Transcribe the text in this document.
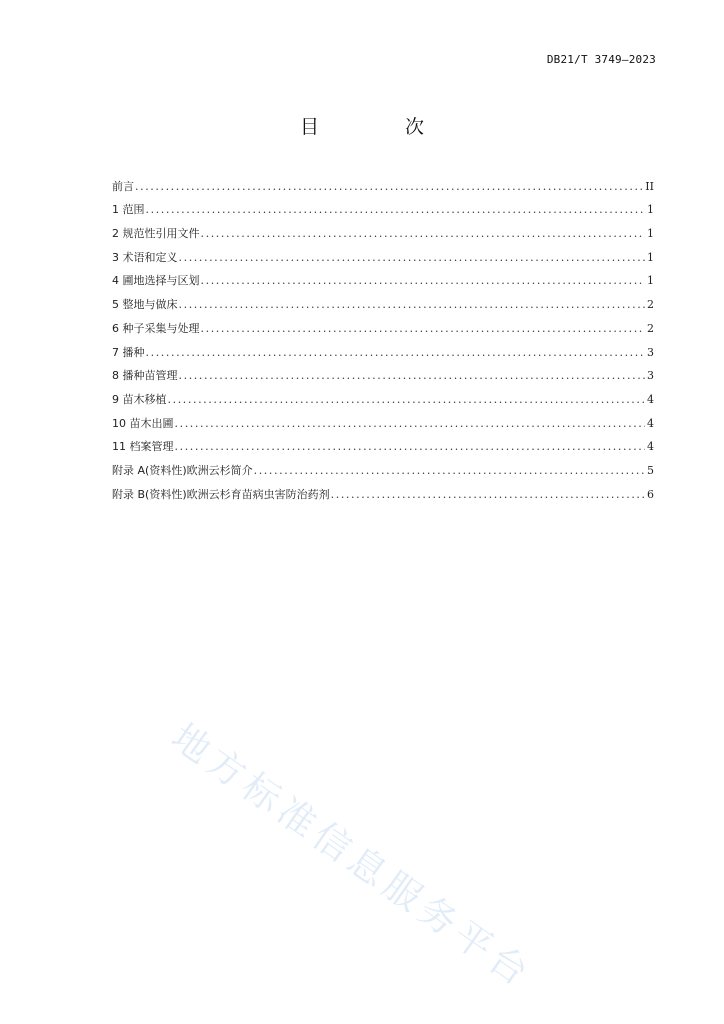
DB21/T 3749—2023
目 次
前言 .....	II
1 范围 .....	1
2 规范性引用文件 .....	1
3 术语和定义 .....	1
4 圃地选择与区划 .....	1
5 整地与做床 .....	2
6 种子采集与处理 .....	2
7 播种 .....	3
8 播种苗管理 .....	3
9 苗木移植 .....	4
10 苗木出圃 .....	4
11 档案管理 .....	4
附录 A(资料性)欧洲云杉简介 .....	5
附录 B(资料性)欧洲云杉育苗病虫害防治药剂 .....	6
地方标准信息服务平台
